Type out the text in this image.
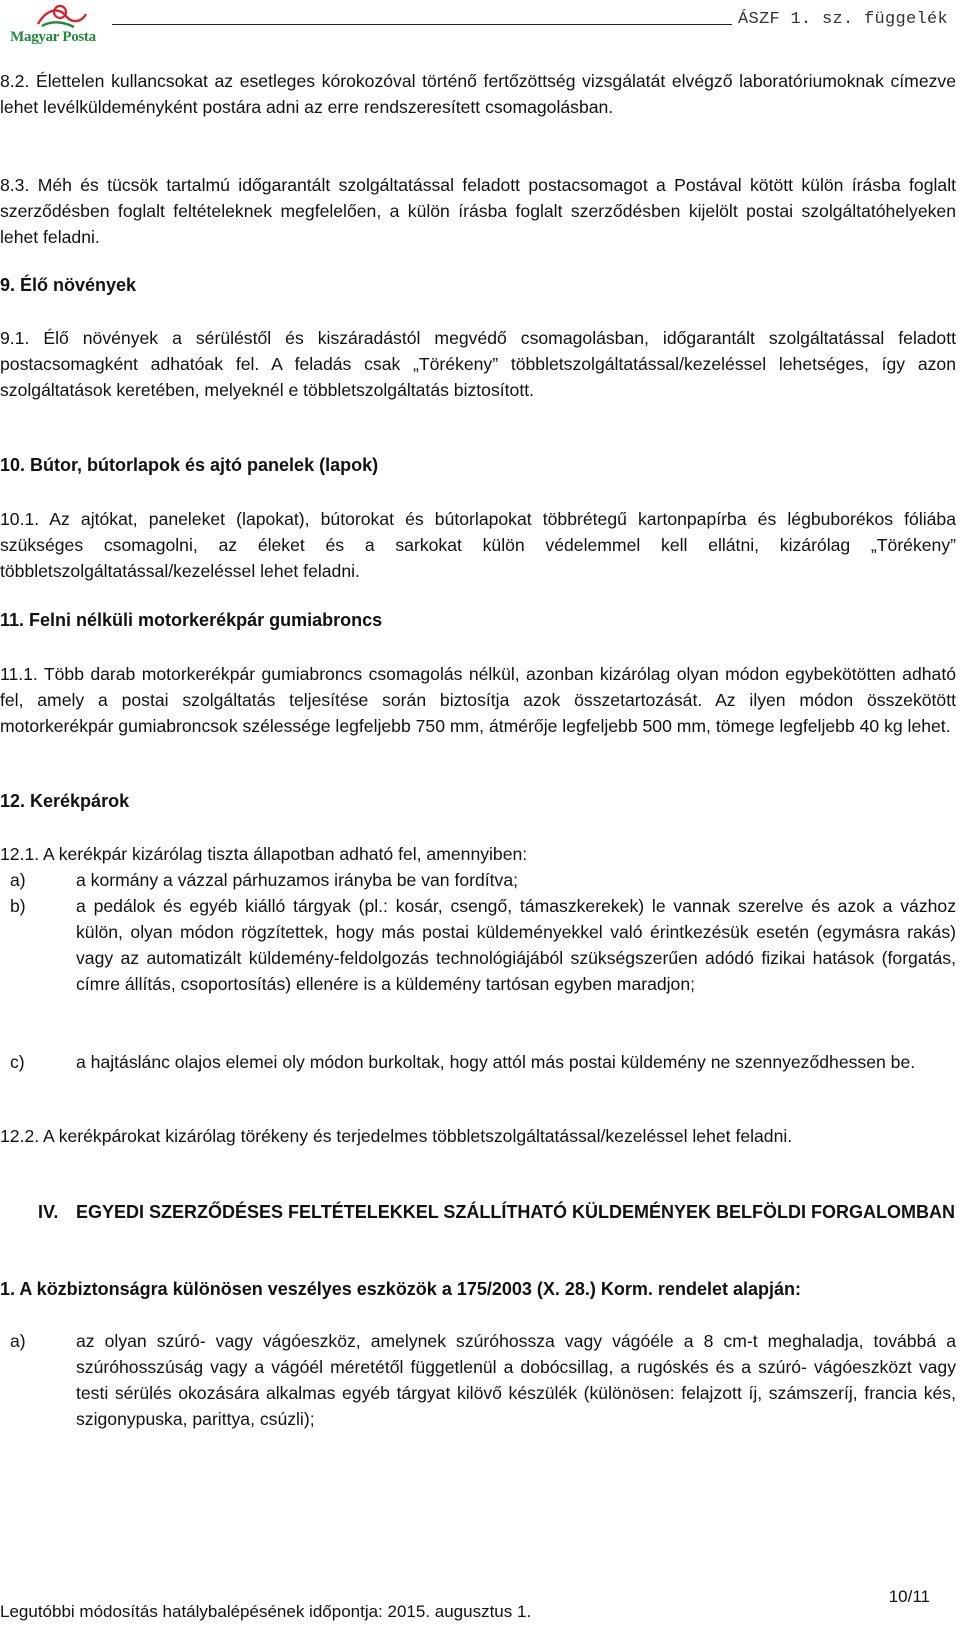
Magyar Posta
ÁSZF 1. sz. függelék

8.2. Élettelen kullancsokat az esetleges kórokozóval történő fertőzöttség vizsgálatát elvégző laboratóriumoknak címezve lehet levélküldeményként postára adni az erre rendszeresített csomagolásban.

8.3. Méh és tücsök tartalmú időgarantált szolgáltatással feladott postacsomagot a Postával kötött külön írásba foglalt szerződésben foglalt feltételeknek megfelelően, a külön írásba foglalt szerződésben kijelölt postai szolgáltatóhelyeken lehet feladni.

9. Élő növények

9.1. Élő növények a sérüléstől és kiszáradástól megvédő csomagolásban, időgarantált szolgáltatással feladott postacsomagként adhatóak fel. A feladás csak „Törékeny” többletszolgáltatással/kezeléssel lehetséges, így azon szolgáltatások keretében, melyeknél e többletszolgáltatás biztosított.

10. Bútor, bútorlapok és ajtó panelek (lapok)

10.1. Az ajtókat, paneleket (lapokat), bútorokat és bútorlapokat többrétegű kartonpapírba és légbuborékos fóliába szükséges csomagolni, az éleket és a sarkokat külön védelemmel kell ellátni, kizárólag „Törékeny” többletszolgáltatással/kezeléssel lehet feladni.

11. Felni nélküli motorkerékpár gumiabroncs

11.1. Több darab motorkerékpár gumiabroncs csomagolás nélkül, azonban kizárólag olyan módon egybekötötten adható fel, amely a postai szolgáltatás teljesítése során biztosítja azok összetartozását. Az ilyen módon összekötött motorkerékpár gumiabroncsok szélessége legfeljebb 750 mm, átmérője legfeljebb 500 mm, tömege legfeljebb 40 kg lehet.

12. Kerékpárok

12.1. A kerékpár kizárólag tiszta állapotban adható fel, amennyiben:

a)	a kormány a vázzal párhuzamos irányba be van fordítva;
b)	a pedálok és egyéb kiálló tárgyak (pl.: kosár, csengő, támaszkerekek) le vannak szerelve és azok a vázhoz külön, olyan módon rögzítettek, hogy más postai küldeményekkel való érintkezésük esetén (egymásra rakás) vagy az automatizált küldemény-feldolgozás technológiájából szükségszerűen adódó fizikai hatások (forgatás, címre állítás, csoportosítás) ellenére is a küldemény tartósan egyben maradjon;
c)	a hajtáslánc olajos elemei oly módon burkoltak, hogy attól más postai küldemény ne szennyeződhessen be.

12.2. A kerékpárokat kizárólag törékeny és terjedelmes többletszolgáltatással/kezeléssel lehet feladni.

IV. EGYEDI SZERZŐDÉSES FELTÉTELEKKEL SZÁLLÍTHATÓ KÜLDEMÉNYEK BELFÖLDI FORGALOMBAN
1. A közbiztonságra különösen veszélyes eszközök a 175/2003 (X. 28.) Korm. rendelet alapján:
a)	az olyan szúró- vagy vágóeszköz, amelynek szúróhossza vagy vágóéle a 8 cm-t meghaladja, továbbá a szúróhosszúság vagy a vágóél méretétől függetlenül a dobócsillag, a rugóskés és a szúró- vágóeszközt vagy testi sérülés okozására alkalmas egyéb tárgyat kilövő készülék (különösen: felajzott íj, számszeríj, francia kés, szigonypuska, parittya, csúzli);
10/11
Legutóbbi módosítás hatálybalépésének időpontja: 2015. augusztus 1.
